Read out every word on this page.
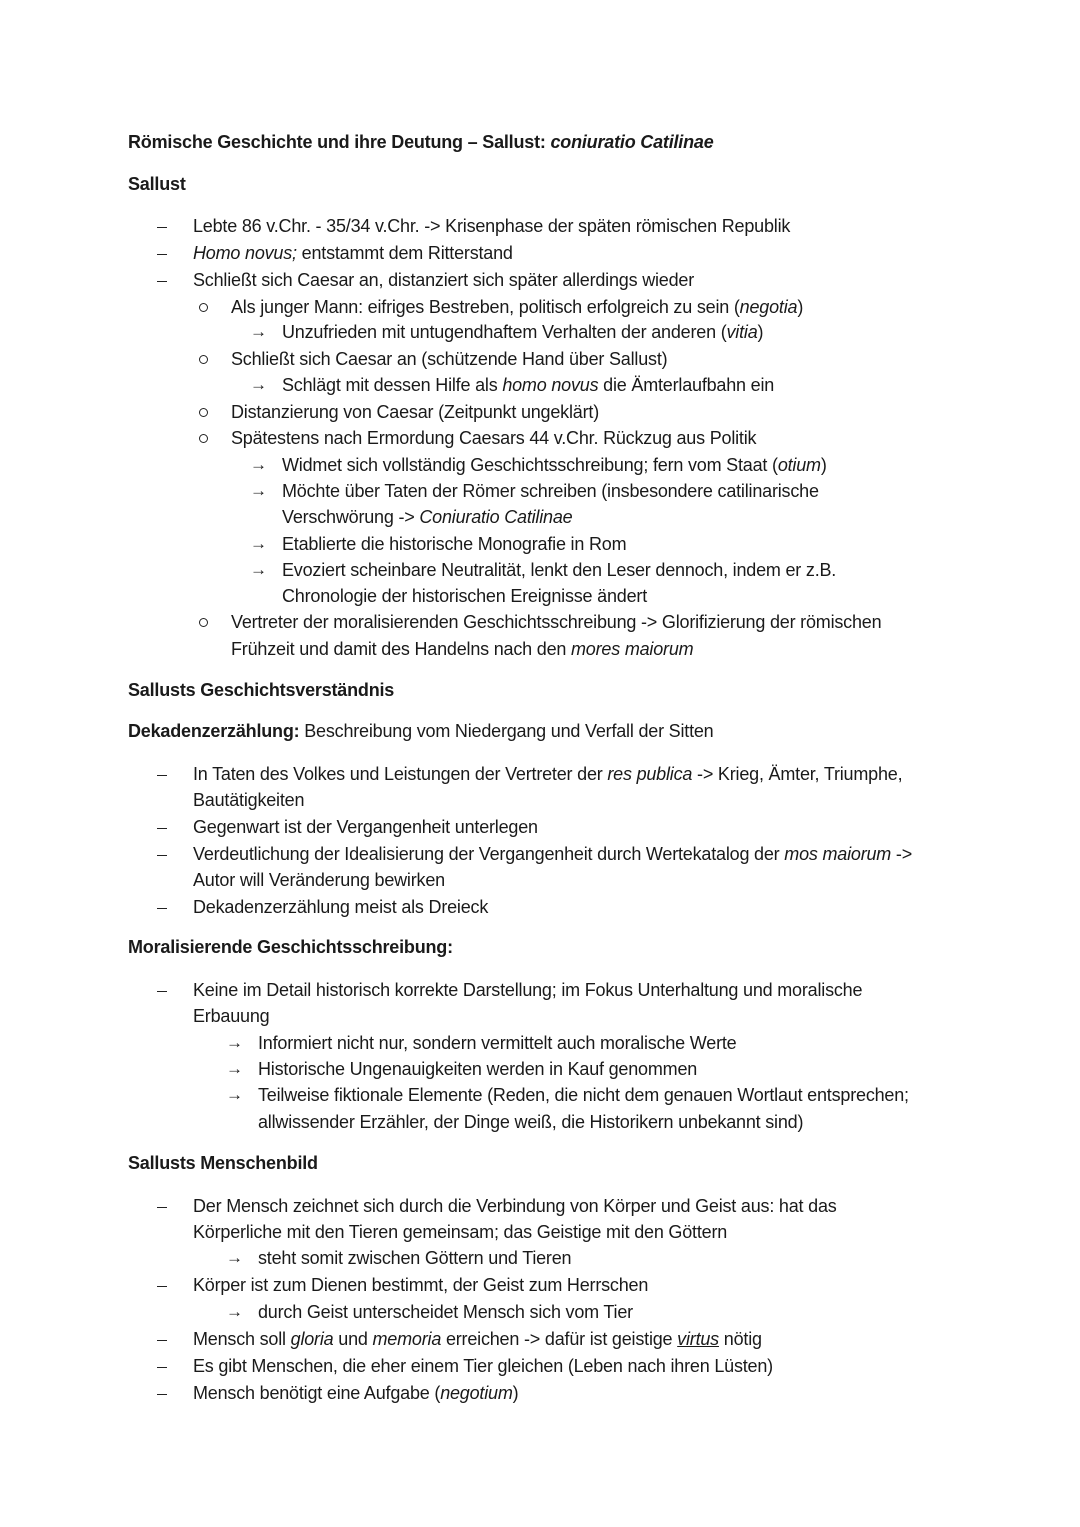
Römische Geschichte und ihre Deutung – Sallust: coniuratio Catilinae
Sallust
Lebte 86 v.Chr. - 35/34 v.Chr. -> Krisenphase der späten römischen Republik
Homo novus; entstammt dem Ritterstand
Schließt sich Caesar an, distanziert sich später allerdings wieder
Als junger Mann: eifriges Bestreben, politisch erfolgreich zu sein (negotia)
→ Unzufrieden mit untugendhaftem Verhalten der anderen (vitia)
Schließt sich Caesar an (schützende Hand über Sallust)
→ Schlägt mit dessen Hilfe als homo novus die Ämterlaufbahn ein
Distanzierung von Caesar (Zeitpunkt ungeklärt)
Spätestens nach Ermordung Caesars 44 v.Chr. Rückzug aus Politik
→ Widmet sich vollständig Geschichtsschreibung; fern vom Staat (otium)
→ Möchte über Taten der Römer schreiben (insbesondere catilinarische
Verschwörung -> Coniuratio Catilinae
→ Etablierte die historische Monografie in Rom
→ Evoziert scheinbare Neutralität, lenkt den Leser dennoch, indem er z.B.
Chronologie der historischen Ereignisse ändert
Vertreter der moralisierenden Geschichtsschreibung -> Glorifizierung der römischen
Frühzeit und damit des Handelns nach den mores maiorum
Sallusts Geschichtsverständnis
Dekadenzerzählung: Beschreibung vom Niedergang und Verfall der Sitten
In Taten des Volkes und Leistungen der Vertreter der res publica -> Krieg, Ämter, Triumphe,
Bautätigkeiten
Gegenwart ist der Vergangenheit unterlegen
Verdeutlichung der Idealisierung der Vergangenheit durch Wertekatalog der mos maiorum ->
Autor will Veränderung bewirken
Dekadenzerzählung meist als Dreieck
Moralisierende Geschichtsschreibung:
Keine im Detail historisch korrekte Darstellung; im Fokus Unterhaltung und moralische
Erbauung
→ Informiert nicht nur, sondern vermittelt auch moralische Werte
→ Historische Ungenauigkeiten werden in Kauf genommen
→ Teilweise fiktionale Elemente (Reden, die nicht dem genauen Wortlaut entsprechen;
allwissender Erzähler, der Dinge weiß, die Historikern unbekannt sind)
Sallusts Menschenbild
Der Mensch zeichnet sich durch die Verbindung von Körper und Geist aus: hat das
Körperliche mit den Tieren gemeinsam; das Geistige mit den Göttern
→ steht somit zwischen Göttern und Tieren
Körper ist zum Dienen bestimmt, der Geist zum Herrschen
→ durch Geist unterscheidet Mensch sich vom Tier
Mensch soll gloria und memoria erreichen -> dafür ist geistige virtus nötig
Es gibt Menschen, die eher einem Tier gleichen (Leben nach ihren Lüsten)
Mensch benötigt eine Aufgabe (negotium)
